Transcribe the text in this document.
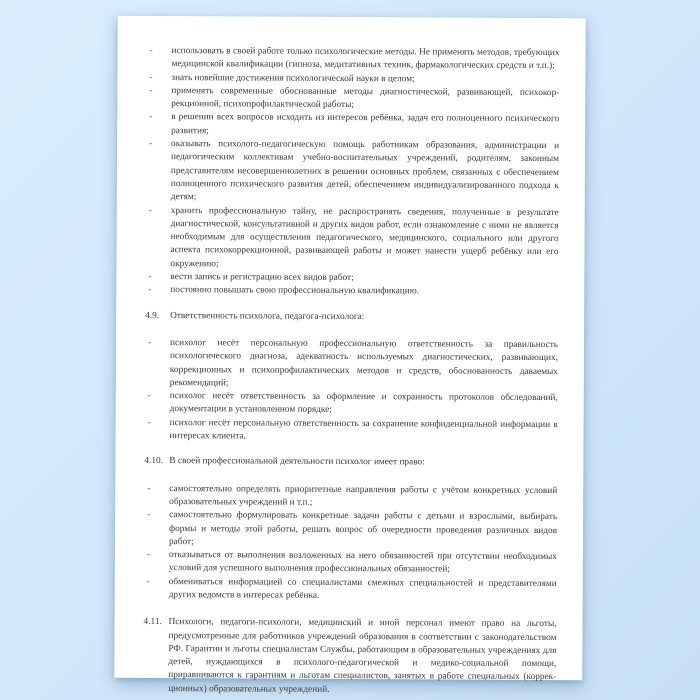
-	использовать в своей работе только психологические методы. Не применять методов, требующих медицинской квалификации (гипноза, медитативных техник, фармакологических средств и т.п.);
-	знать новейшие достижения психологической науки в целом;
-	применять современные обоснованные методы диагностической, развивающей, психокор-рекционной, психопрофилактической работы;
-	в решении всех вопросов исходить из интересов ребёнка, задач его полноценного психического развития;
-	оказывать психолого-педагогическую помощь работникам образования, администрации и педагогическим коллективам учебно-воспитательных учреждений, родителям, законным представителям несовершеннолетних в решении основных проблем, связанных с обеспечением полноценного психического развития детей, обеспечением индивидуализированного подхода к детям;
-	хранить профессиональную тайну, не распространять сведения, полученные в результате диагностической, консультативной и других видов работ, если ознакомление с ними не является необходимым для осуществления педагогического, медицинского, социального или другого аспекта психокоррекционной, развивающей работы и может нанести ущерб ребёнку или его окружению;
-	вести запись и регистрацию всех видов работ;
-	постоянно повышать свою профессиональную квалификацию.
4.9.	Ответственность психолога, педагога-психолога:
-	психолог несёт персональную профессиональную ответственность за правильность психологического диагноза, адекватность используемых диагностических, развивающих, коррекционных и психопрофилактических методов и средств, обоснованность даваемых рекомендаций;
-	психолог несёт ответственность за оформление и сохранность протоколов обследований, документации в установленном порядке;
-	психолог несёт персональную ответственность за сохранение конфиденциальной информации в интересах клиента.
4.10. В своей профессиональной деятельности психолог имеет право:
-	самостоятельно определять приоритетные направления работы с учётом конкретных условий образовательных учреждений и т.п.;
-	самостоятельно формулировать конкретные задачи работы с детьми и взрослыми, выбирать формы и методы этой работы, решать вопрос об очередности проведения различных видов работ;
-	отказываться от выполнения возложенных на него обязанностей при отсутствии необходимых условий для успешного выполнения профессиональных обязанностей;
-	обмениваться информацией со специалистами смежных специальностей и представителями других ведомств в интересах ребёнка.
4.11. Психологи, педагоги-психологи, медицинский и иной персонал имеют право на льготы, предусмотренные для работников учреждений образования в соответствии с законодательством РФ. Гарантии и льготы специалистам Службы, работающим в образовательных учреждениях для детей, нуждающихся в психолого-педагогической и медико-социальной помощи, приравниваются к гарантиям и льготам специалистов, занятых в работе специальных (коррек-ционных) образовательных учреждений.
